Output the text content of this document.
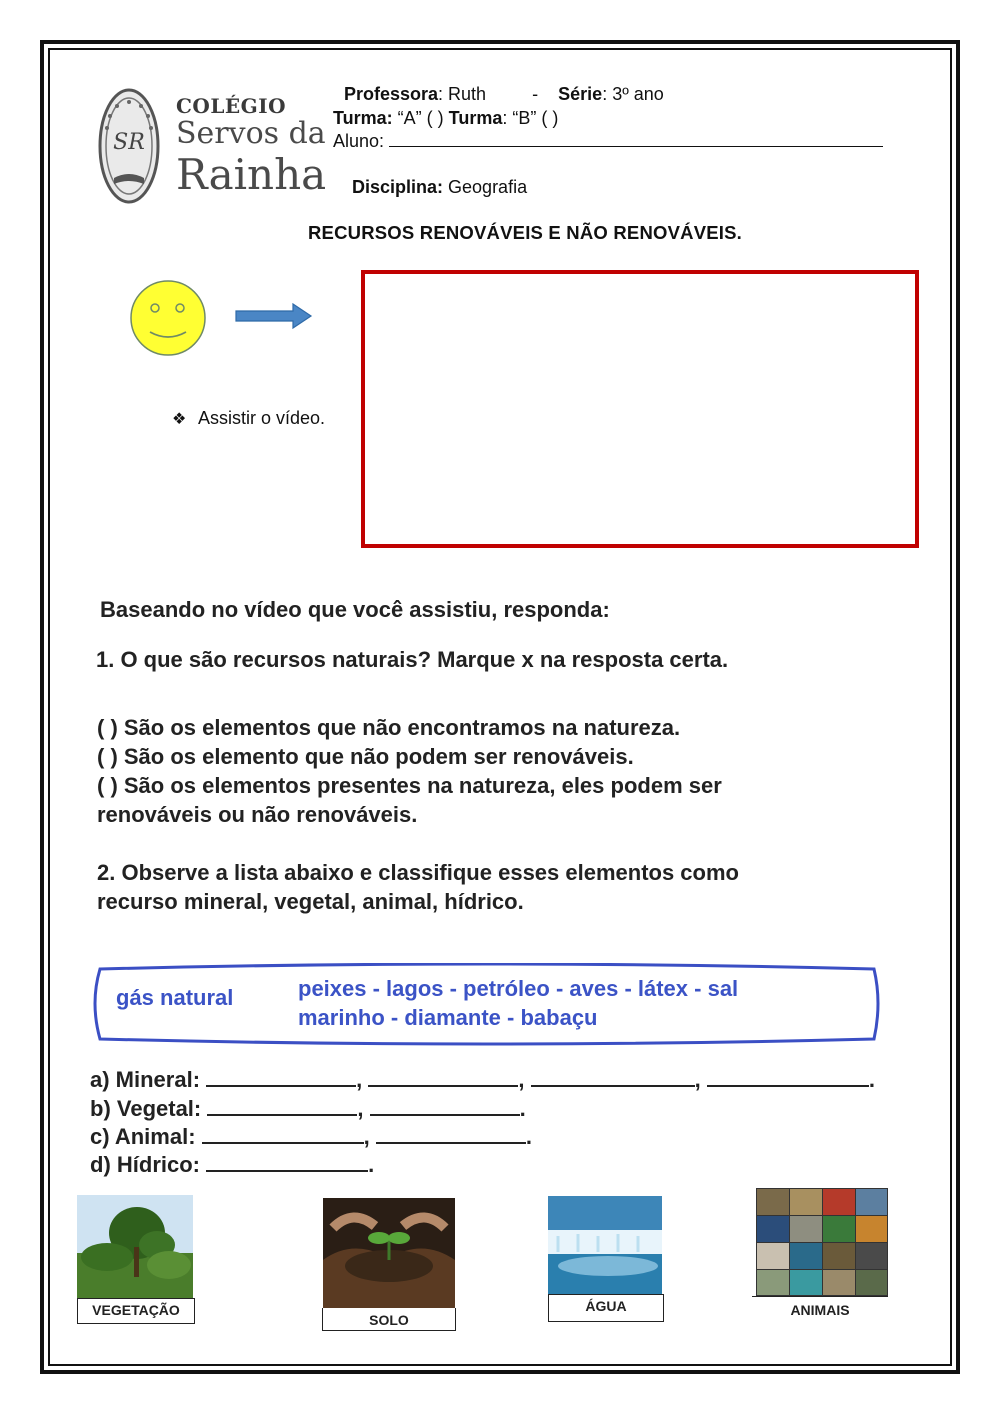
SR
COLÉGIO
Servos da
Rainha
Professora: Ruth	- Série: 3º ano
Turma: “A” ( ) Turma: “B” ( )
Aluno:
Disciplina: Geografia
RECURSOS RENOVÁVEIS E NÃO RENOVÁVEIS.
❖ Assistir o vídeo.
Baseando no vídeo que você assistiu, responda:
1. O que são recursos naturais? Marque x na resposta certa.
( ) São os elementos que não encontramos na natureza.
( ) São os elemento que não podem ser renováveis.
( ) São os elementos presentes na natureza, eles podem ser
renováveis ou não renováveis.
2. Observe a lista abaixo e classifique esses elementos como
recurso mineral, vegetal, animal, hídrico.
gás natural	peixes - lagos - petróleo - aves - látex - sal
marinho - diamante - babaçu
a) Mineral:	,	,	,	.
b) Vegetal:	,	.
c) Animal:	,	.
d) Hídrico:	.
VEGETAÇÃO
SOLO
ÁGUA	ANIMAIS
